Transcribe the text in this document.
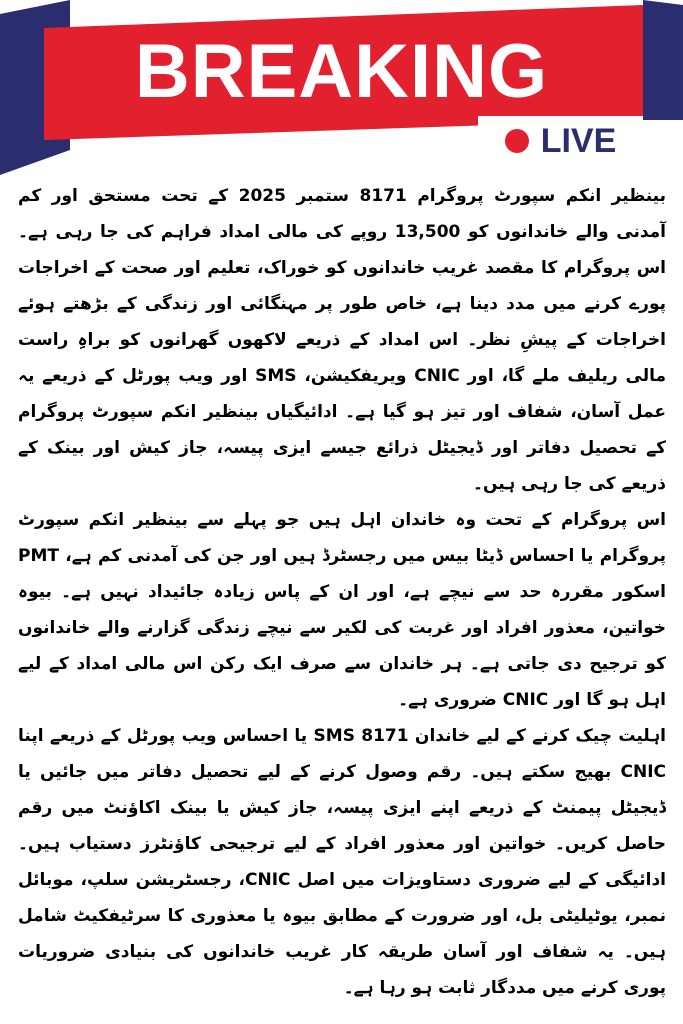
BREAKING
LIVE

بینظیر انکم سپورٹ پروگرام 8171 ستمبر 2025 کے تحت مستحق اور کم آمدنی والے خاندانوں کو 13,500 روپے کی مالی امداد فراہم کی جا رہی ہے۔ اس پروگرام کا مقصد غریب خاندانوں کو خوراک، تعلیم اور صحت کے اخراجات پورے کرنے میں مدد دینا ہے، خاص طور پر مہنگائی اور زندگی کے بڑھتے ہوئے اخراجات کے پیشِ نظر۔ اس امداد کے ذریعے لاکھوں گھرانوں کو براہِ راست مالی ریلیف ملے گا، اور CNIC ویریفکیشن، SMS اور ویب پورٹل کے ذریعے یہ عمل آسان، شفاف اور تیز ہو گیا ہے۔ ادائیگیاں بینظیر انکم سپورٹ پروگرام کے تحصیل دفاتر اور ڈیجیٹل ذرائع جیسے ایزی پیسہ، جاز کیش اور بینک کے ذریعے کی جا رہی ہیں۔

اس پروگرام کے تحت وہ خاندان اہل ہیں جو پہلے سے بینظیر انکم سپورٹ پروگرام یا احساس ڈیٹا بیس میں رجسٹرڈ ہیں اور جن کی آمدنی کم ہے، PMT اسکور مقررہ حد سے نیچے ہے، اور ان کے پاس زیادہ جائیداد نہیں ہے۔ بیوہ خواتین، معذور افراد اور غربت کی لکیر سے نیچے زندگی گزارنے والے خاندانوں کو ترجیح دی جاتی ہے۔ ہر خاندان سے صرف ایک رکن اس مالی امداد کے لیے اہل ہو گا اور CNIC ضروری ہے۔

اہلیت چیک کرنے کے لیے خاندان SMS 8171 یا احساس ویب پورٹل کے ذریعے اپنا CNIC بھیج سکتے ہیں۔ رقم وصول کرنے کے لیے تحصیل دفاتر میں جائیں یا ڈیجیٹل پیمنٹ کے ذریعے اپنے ایزی پیسہ، جاز کیش یا بینک اکاؤنٹ میں رقم حاصل کریں۔ خواتین اور معذور افراد کے لیے ترجیحی کاؤنٹرز دستیاب ہیں۔ ادائیگی کے لیے ضروری دستاویزات میں اصل CNIC، رجسٹریشن سلپ، موبائل نمبر، یوٹیلیٹی بل، اور ضرورت کے مطابق بیوہ یا معذوری کا سرٹیفکیٹ شامل ہیں۔ یہ شفاف اور آسان طریقہ کار غریب خاندانوں کی بنیادی ضروریات پوری کرنے میں مددگار ثابت ہو رہا ہے۔
